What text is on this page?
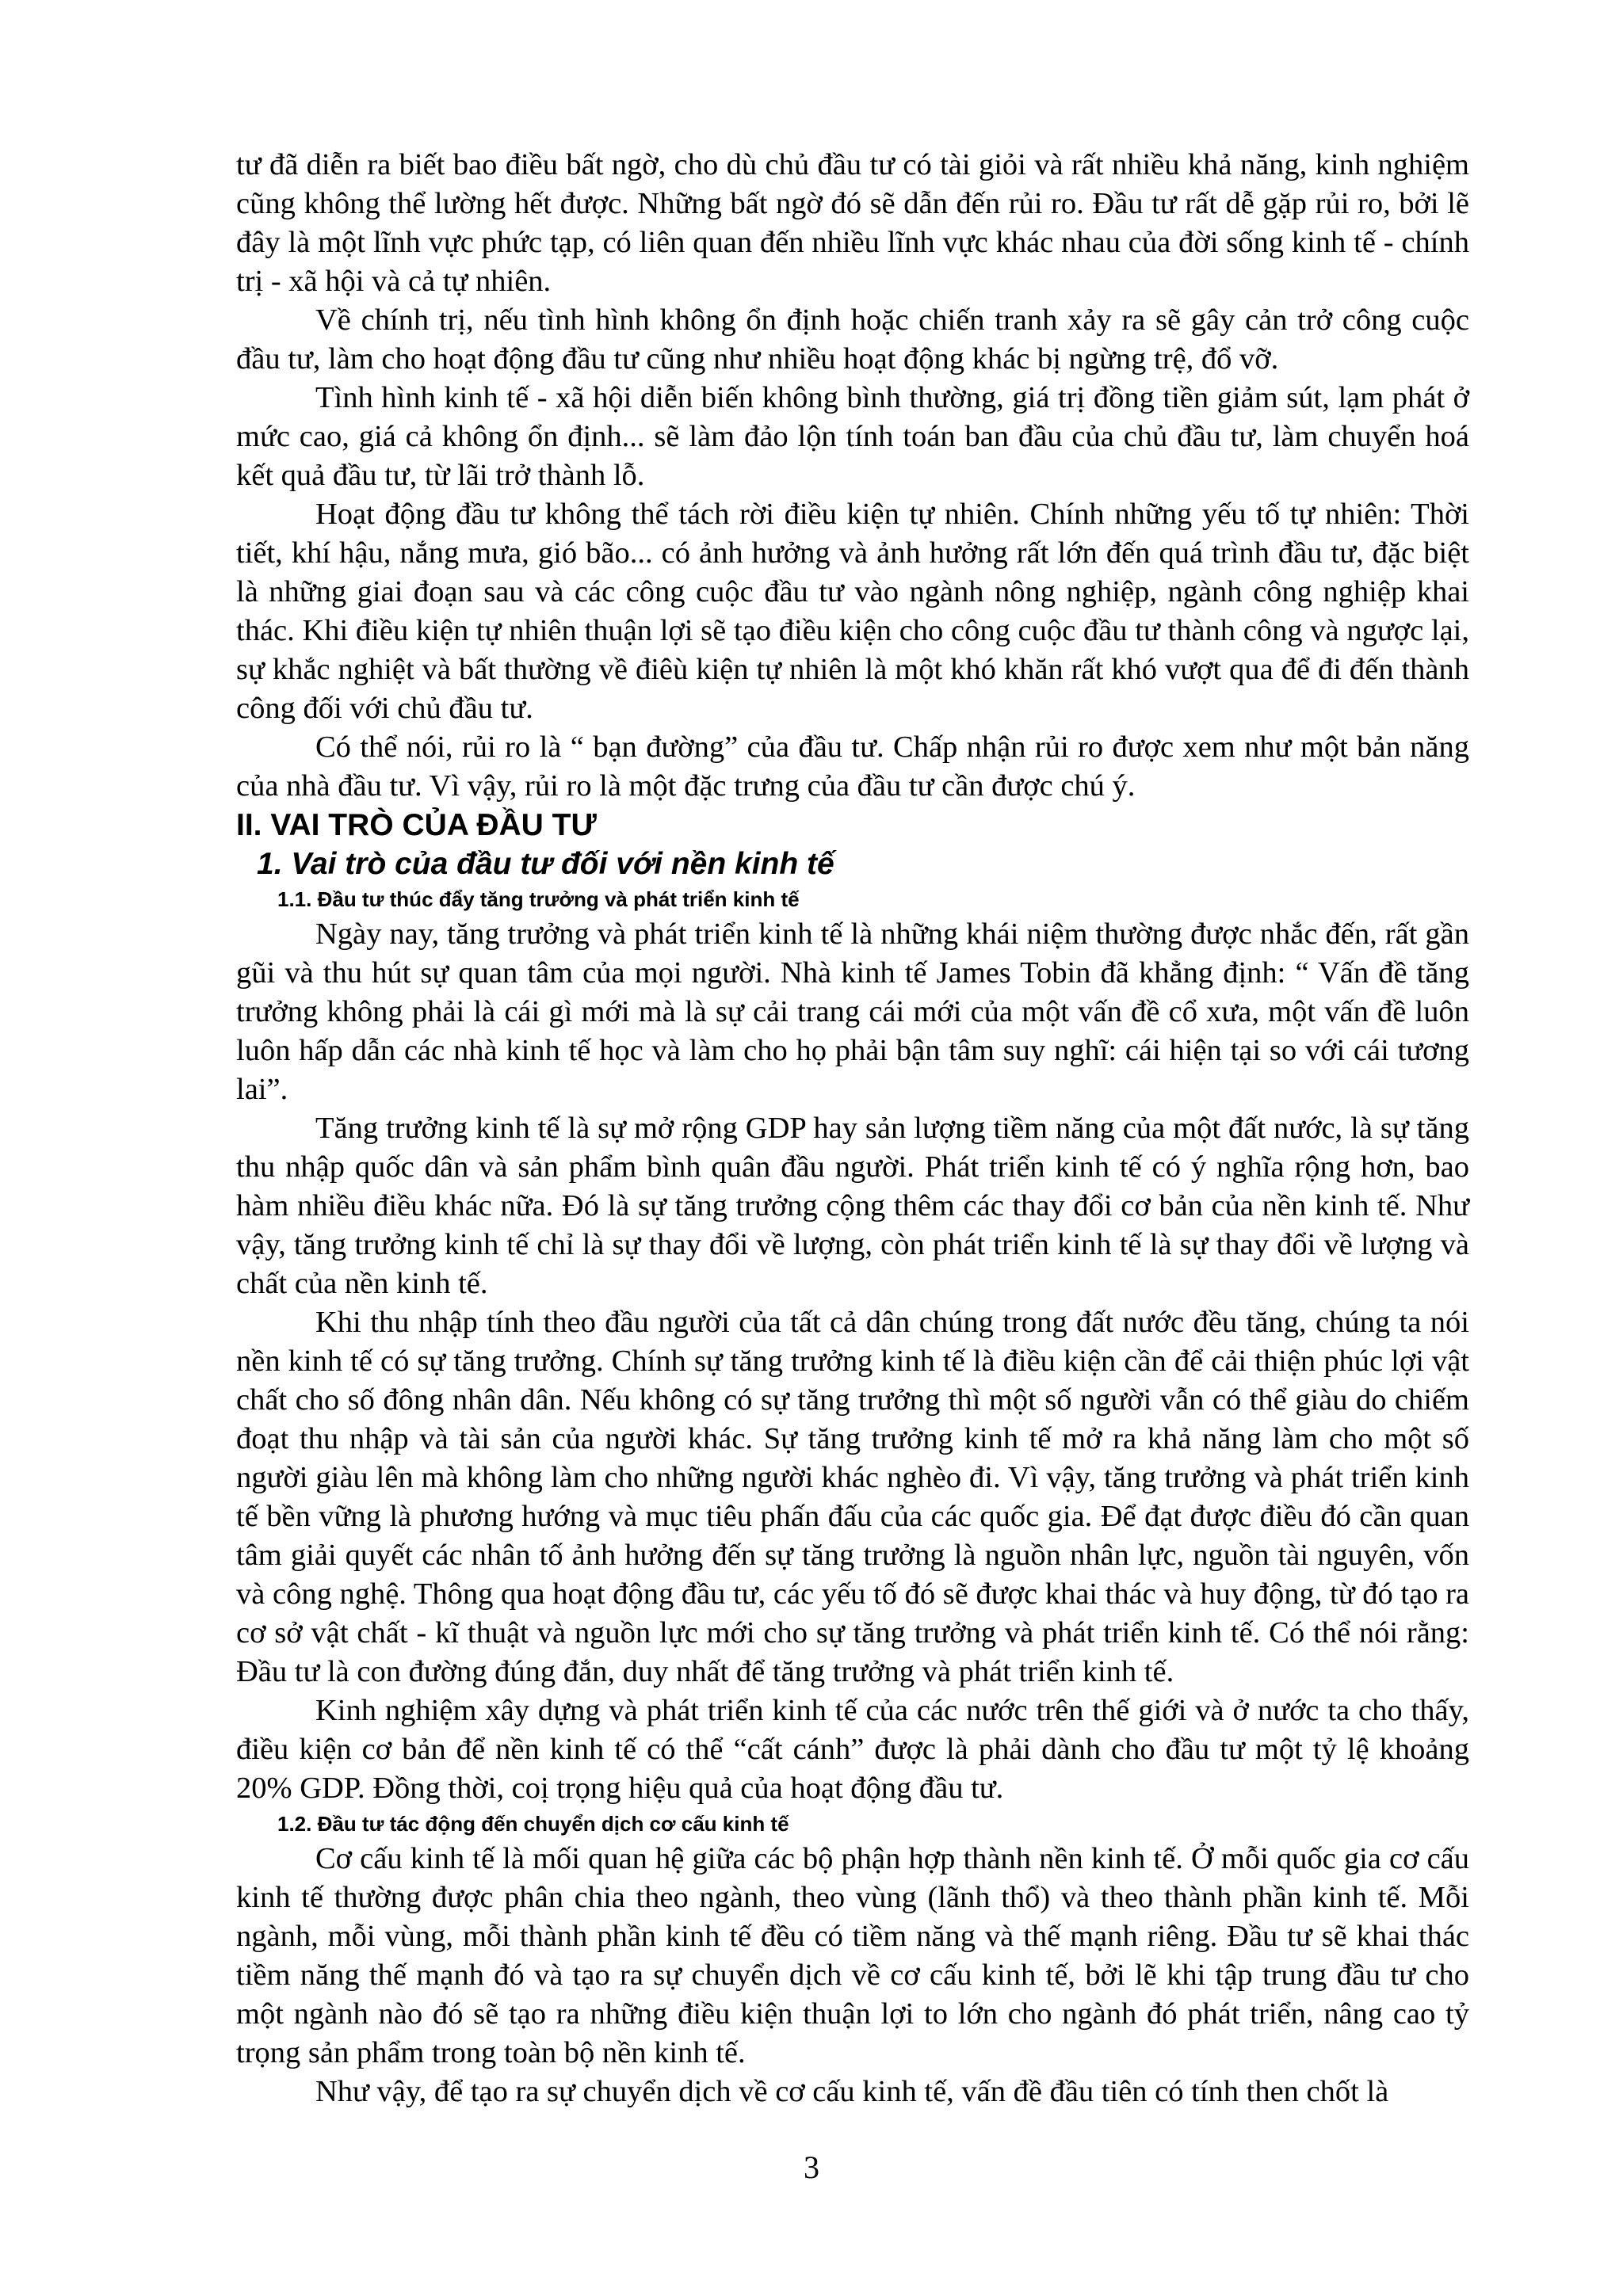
tư đã diễn ra biết bao điều bất ngờ, cho dù chủ đầu tư có tài giỏi và rất nhiều khả năng, kinh nghiệm cũng không thể lường hết được. Những bất ngờ đó sẽ dẫn đến rủi ro. Đầu tư rất dễ gặp rủi ro, bởi lẽ đây là một lĩnh vực phức tạp, có liên quan đến nhiều lĩnh vực khác nhau của đời sống kinh tế - chính trị - xã hội và cả tự nhiên.

Về chính trị, nếu tình hình không ổn định hoặc chiến tranh xảy ra sẽ gây cản trở công cuộc đầu tư, làm cho hoạt động đầu tư cũng như nhiều hoạt động khác bị ngừng trệ, đổ vỡ.

Tình hình kinh tế - xã hội diễn biến không bình thường, giá trị đồng tiền giảm sút, lạm phát ở mức cao, giá cả không ổn định... sẽ làm đảo lộn tính toán ban đầu của chủ đầu tư, làm chuyển hoá kết quả đầu tư, từ lãi trở thành lỗ.

Hoạt động đầu tư không thể tách rời điều kiện tự nhiên. Chính những yếu tố tự nhiên: Thời tiết, khí hậu, nắng mưa, gió bão... có ảnh hưởng và ảnh hưởng rất lớn đến quá trình đầu tư, đặc biệt là những giai đoạn sau và các công cuộc đầu tư vào ngành nông nghiệp, ngành công nghiệp khai thác. Khi điều kiện tự nhiên thuận lợi sẽ tạo điều kiện cho công cuộc đầu tư thành công và ngược lại, sự khắc nghiệt và bất thường về điêù kiện tự nhiên là một khó khăn rất khó vượt qua để đi đến thành công đối với chủ đầu tư.

Có thể nói, rủi ro là “ bạn đường” của đầu tư. Chấp nhận rủi ro được xem như một bản năng của nhà đầu tư. Vì vậy, rủi ro là một đặc trưng của đầu tư cần được chú ý.

II. VAI TRÒ CỦA ĐẦU TƯ
1. Vai trò của đầu tư đối với nền kinh tế
1.1. Đầu tư thúc đẩy tăng trưởng và phát triển kinh tế

Ngày nay, tăng trưởng và phát triển kinh tế là những khái niệm thường được nhắc đến, rất gần gũi và thu hút sự quan tâm của mọi người. Nhà kinh tế James Tobin đã khẳng định: “ Vấn đề tăng trưởng không phải là cái gì mới mà là sự cải trang cái mới của một vấn đề cổ xưa, một vấn đề luôn luôn hấp dẫn các nhà kinh tế học và làm cho họ phải bận tâm suy nghĩ: cái hiện tại so với cái tương lai”.

Tăng trưởng kinh tế là sự mở rộng GDP hay sản lượng tiềm năng của một đất nước, là sự tăng thu nhập quốc dân và sản phẩm bình quân đầu người. Phát triển kinh tế có ý nghĩa rộng hơn, bao hàm nhiều điều khác nữa. Đó là sự tăng trưởng cộng thêm các thay đổi cơ bản của nền kinh tế. Như vậy, tăng trưởng kinh tế chỉ là sự thay đổi về lượng, còn phát triển kinh tế là sự thay đổi về lượng và chất của nền kinh tế.

Khi thu nhập tính theo đầu người của tất cả dân chúng trong đất nước đều tăng, chúng ta nói nền kinh tế có sự tăng trưởng. Chính sự tăng trưởng kinh tế là điều kiện cần để cải thiện phúc lợi vật chất cho số đông nhân dân. Nếu không có sự tăng trưởng thì một số người vẫn có thể giàu do chiếm đoạt thu nhập và tài sản của người khác. Sự tăng trưởng kinh tế mở ra khả năng làm cho một số người giàu lên mà không làm cho những người khác nghèo đi. Vì vậy, tăng trưởng và phát triển kinh tế bền vững là phương hướng và mục tiêu phấn đấu của các quốc gia. Để đạt được điều đó cần quan tâm giải quyết các nhân tố ảnh hưởng đến sự tăng trưởng là nguồn nhân lực, nguồn tài nguyên, vốn và công nghệ. Thông qua hoạt động đầu tư, các yếu tố đó sẽ được khai thác và huy động, từ đó tạo ra cơ sở vật chất - kĩ thuật và nguồn lực mới cho sự tăng trưởng và phát triển kinh tế. Có thể nói rằng: Đầu tư là con đường đúng đắn, duy nhất để tăng trưởng và phát triển kinh tế.

Kinh nghiệm xây dựng và phát triển kinh tế của các nước trên thế giới và ở nước ta cho thấy, điều kiện cơ bản để nền kinh tế có thể “cất cánh” được là phải dành cho đầu tư một tỷ lệ khoảng 20% GDP. Đồng thời, coị trọng hiệu quả của hoạt động đầu tư.

1.2. Đầu tư tác động đến chuyển dịch cơ cấu kinh tế

Cơ cấu kinh tế là mối quan hệ giữa các bộ phận hợp thành nền kinh tế. Ở mỗi quốc gia cơ cấu kinh tế thường được phân chia theo ngành, theo vùng (lãnh thổ) và theo thành phần kinh tế. Mỗi ngành, mỗi vùng, mỗi thành phần kinh tế đều có tiềm năng và thế mạnh riêng. Đầu tư sẽ khai thác tiềm năng thế mạnh đó và tạo ra sự chuyển dịch về cơ cấu kinh tế, bởi lẽ khi tập trung đầu tư cho một ngành nào đó sẽ tạo ra những điều kiện thuận lợi to lớn cho ngành đó phát triển, nâng cao tỷ trọng sản phẩm trong toàn bộ nền kinh tế.

Như vậy, để tạo ra sự chuyển dịch về cơ cấu kinh tế, vấn đề đầu tiên có tính then chốt là

3
